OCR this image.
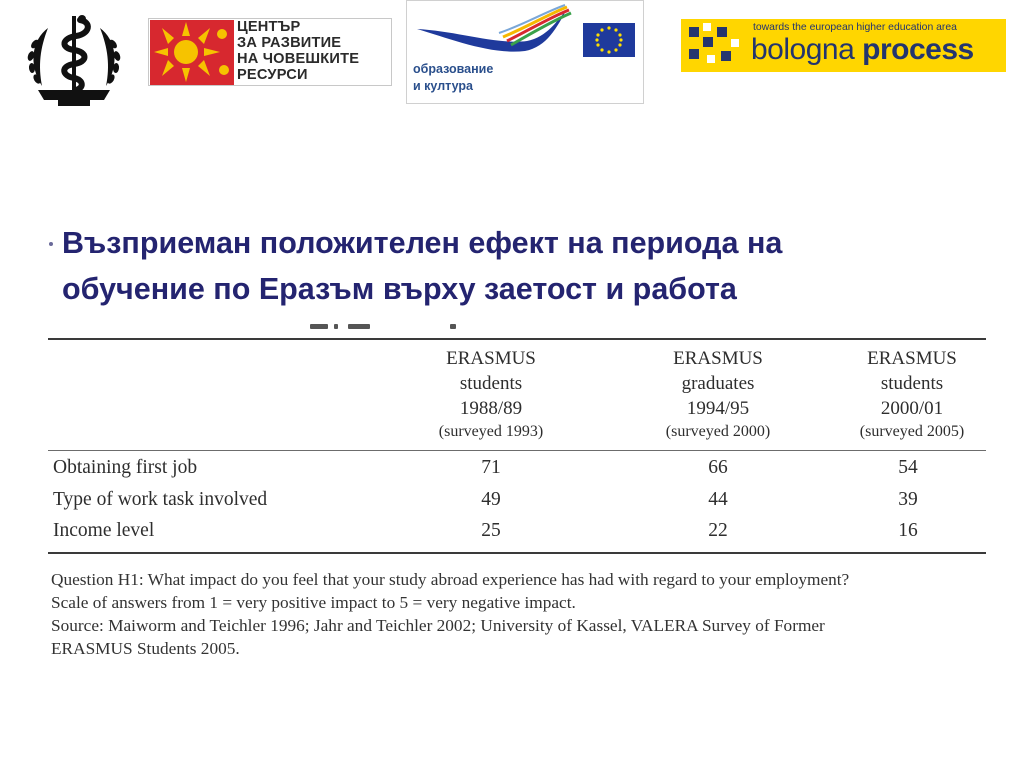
ЦЕНТЪР
ЗА РАЗВИТИЕ
НА ЧОВЕШКИТЕ
РЕСУРСИ	образование
и култура
towards the european higher education area
bologna process
Възприеман положителен ефект на периода на
обучение по Еразъм върху заетост и работа
ERASMUS
students
1988/89
(surveyed 1993)
ERASMUS
graduates
1994/95
(surveyed 2000)
ERASMUS
students
2000/01
(surveyed 2005)
Obtaining first job	71	66	54
Type of work task involved	49	44	39
Income level	25	22	16
Question H1: What impact do you feel that your study abroad experience has had with regard to your employment?
Scale of answers from 1 = very positive impact to 5 = very negative impact.
Source: Maiworm and Teichler 1996; Jahr and Teichler 2002; University of Kassel, VALERA Survey of Former
ERASMUS Students 2005.
